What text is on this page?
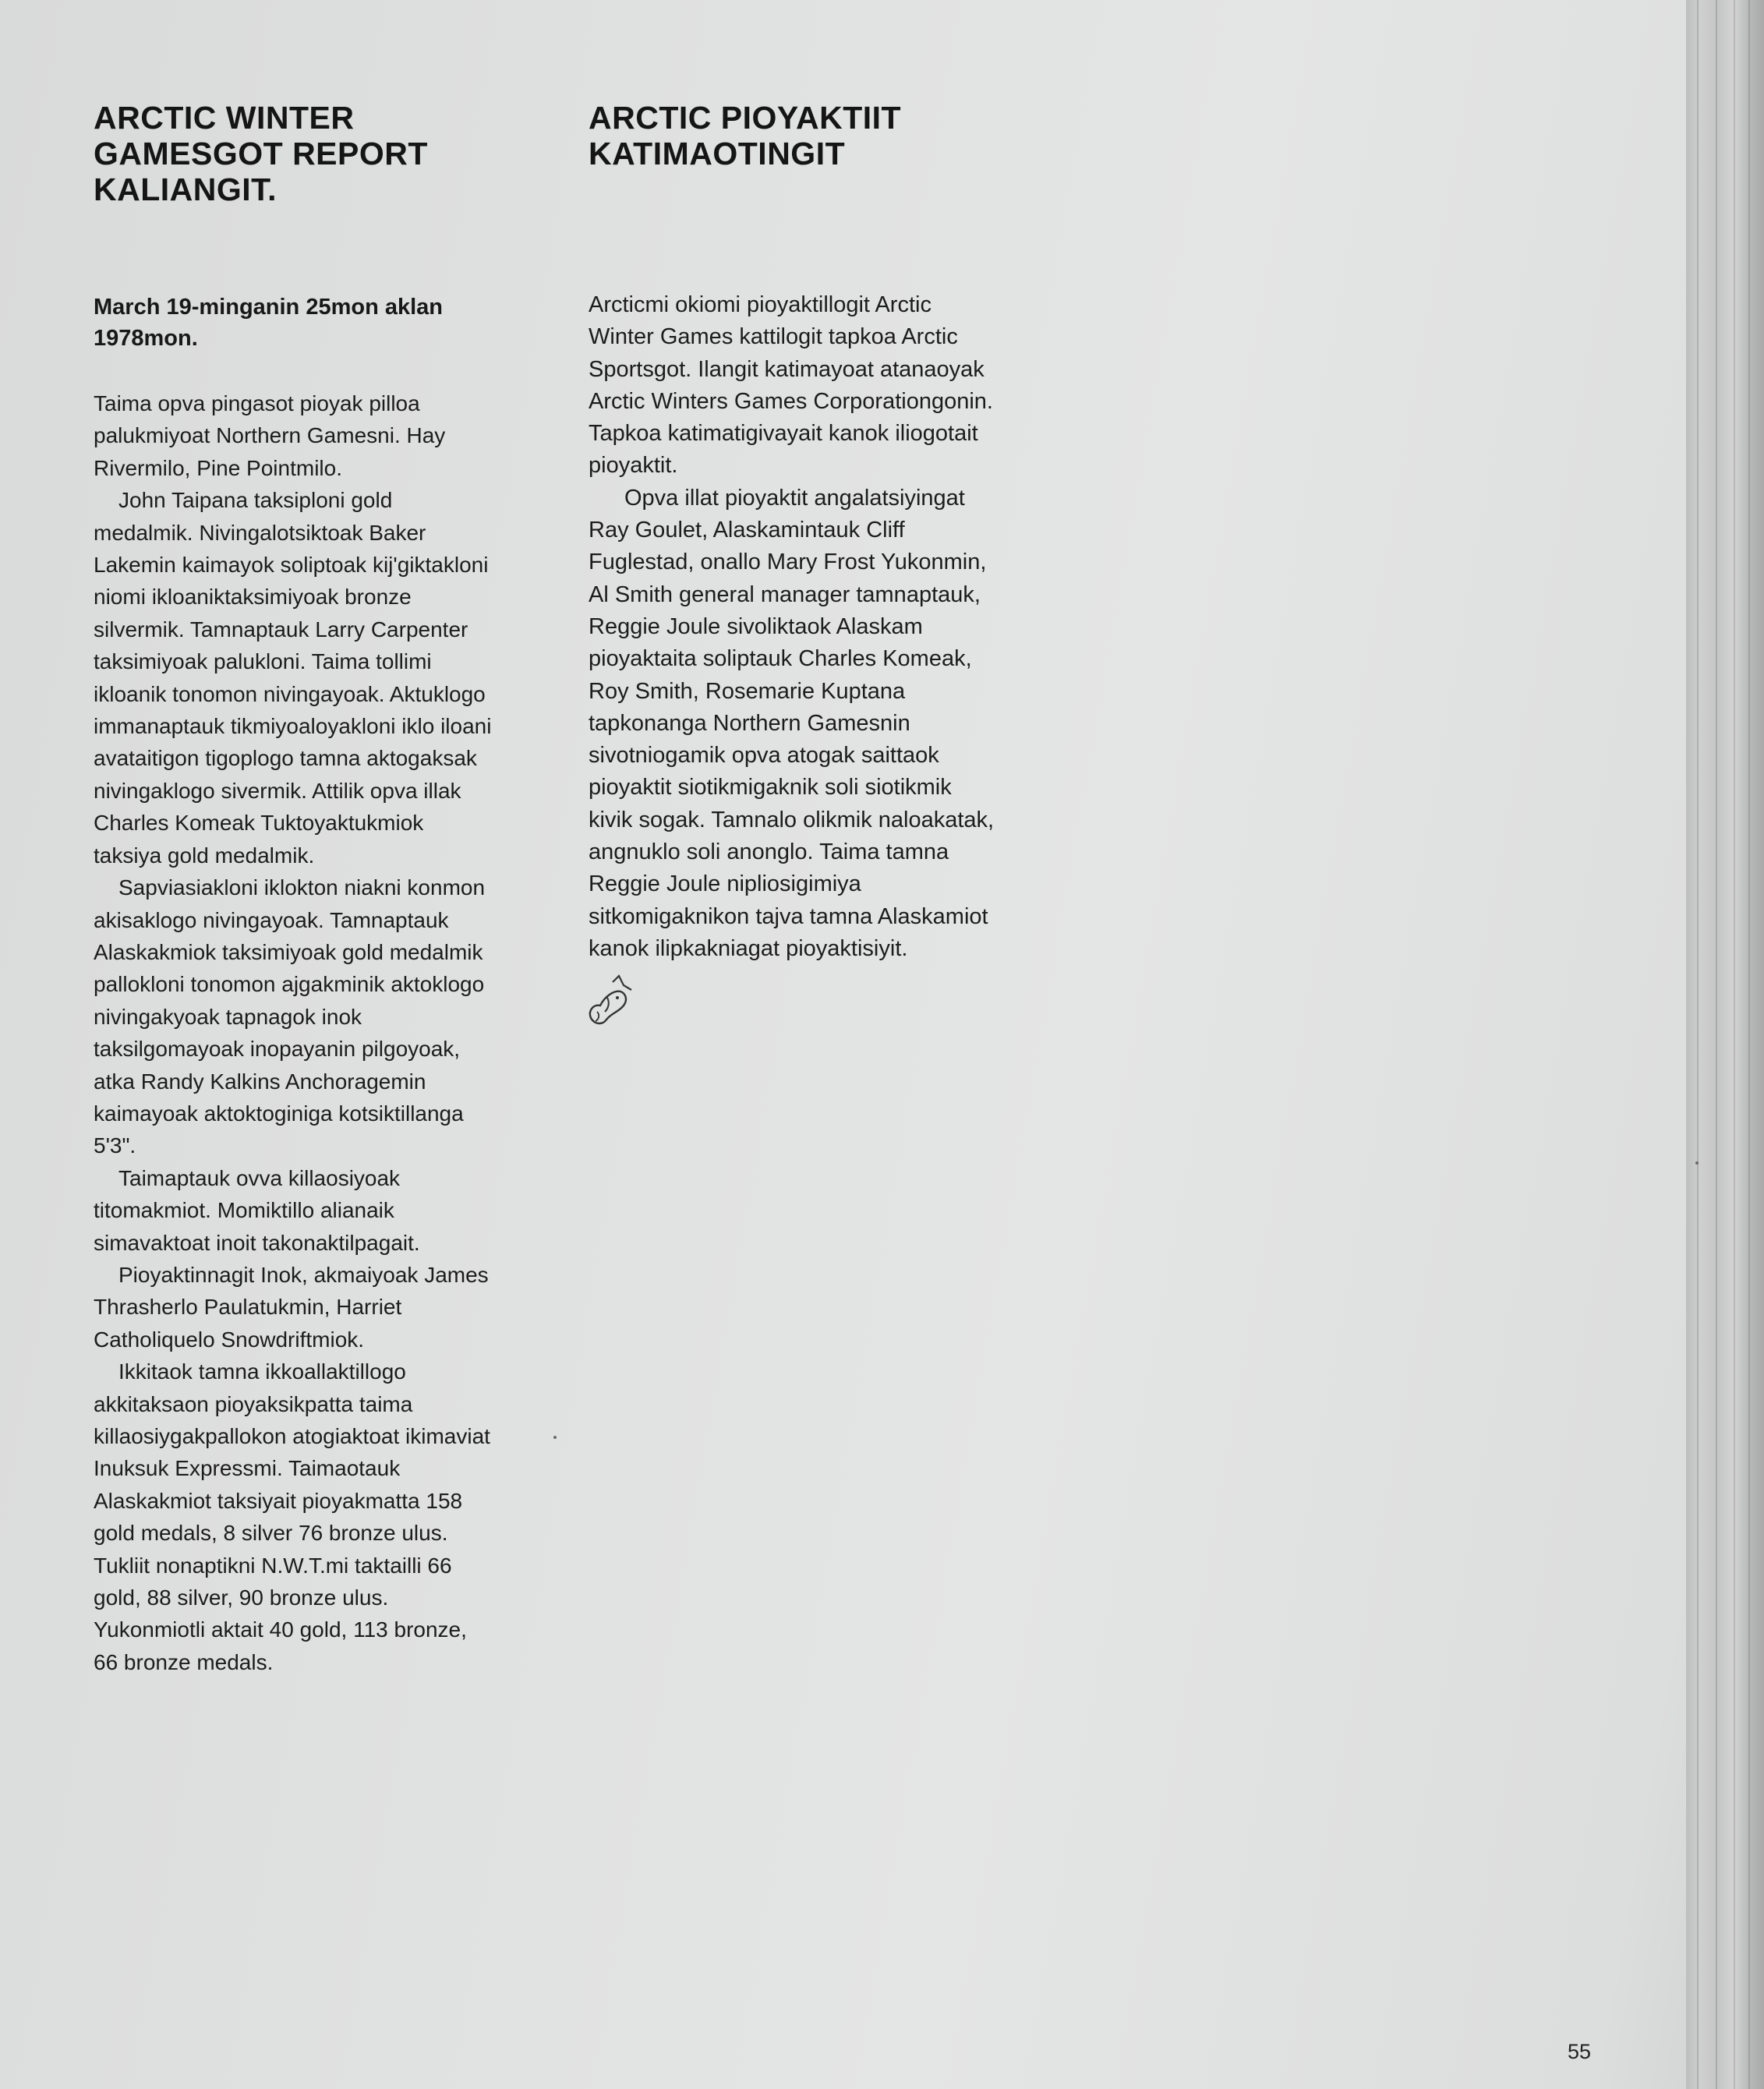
ARCTIC WINTER
GAMESGOT REPORT
KALIANGIT.

March 19-minganin 25mon aklan
1978mon.

Taima opva pingasot pioyak pilloa
palukmiyoat Northern Gamesni. Hay
Rivermilo, Pine Pointmilo.

John Taipana taksiploni gold
medalmik. Nivingalotsiktoak Baker
Lakemin kaimayok soliptoak kij'giktakloni
niomi ikloaniktaksimiyoak bronze
silvermik. Tamnaptauk Larry Carpenter
taksimiyoak palukloni. Taima tollimi
ikloanik tonomon nivingayoak. Aktuklogo
immanaptauk tikmiyoaloyakloni iklo iloani
avataitigon tigoplogo tamna aktogaksak
nivingaklogo sivermik. Attilik opva illak
Charles Komeak Tuktoyaktukmiok
taksiya gold medalmik.

Sapviasiakloni iklokton niakni konmon
akisaklogo nivingayoak. Tamnaptauk
Alaskakmiok taksimiyoak gold medalmik
pallokloni tonomon ajgakminik aktoklogo
nivingakyoak tapnagok inok
taksilgomayoak inopayanin pilgoyoak,
atka Randy Kalkins Anchoragemin
kaimayoak aktoktoginiga kotsiktillanga
5'3".

Taimaptauk ovva killaosiyoak
titomakmiot. Momiktillo alianaik
simavaktoat inoit takonaktilpagait.

Pioyaktinnagit Inok, akmaiyoak James
Thrasherlo Paulatukmin, Harriet
Catholiquelo Snowdriftmiok.

Ikkitaok tamna ikkoallaktillogo
akkitaksaon pioyaksikpatta taima
killaosiygakpallokon atogiaktoat ikimaviat
Inuksuk Expressmi. Taimaotauk
Alaskakmiot taksiyait pioyakmatta 158
gold medals, 8 silver 76 bronze ulus.
Tukliit nonaptikni N.W.T.mi taktailli 66
gold, 88 silver, 90 bronze ulus.
Yukonmiotli aktait 40 gold, 113 bronze,
66 bronze medals.

ARCTIC PIOYAKTIIT
KATIMAOTINGIT

Arcticmi okiomi pioyaktillogit Arctic
Winter Games kattilogit tapkoa Arctic
Sportsgot. Ilangit katimayoat atanaoyak
Arctic Winters Games Corporationgonin.
Tapkoa katimatigivayait kanok iliogotait
pioyaktit.

Opva illat pioyaktit angalatsiyingat
Ray Goulet, Alaskamintauk Cliff
Fuglestad, onallo Mary Frost Yukonmin,
Al Smith general manager tamnaptauk,
Reggie Joule sivoliktaok Alaskam
pioyaktaita soliptauk Charles Komeak,
Roy Smith, Rosemarie Kuptana
tapkonanga Northern Gamesnin
sivotniogamik opva atogak saittaok
pioyaktit siotikmigaknik soli siotikmik
kivik sogak. Tamnalo olikmik naloakatak,
angnuklo soli anonglo. Taima tamna
Reggie Joule nipliosigimiya
sitkomigaknikon tajva tamna Alaskamiot
kanok ilipkakniagat pioyaktisiyit.

55
